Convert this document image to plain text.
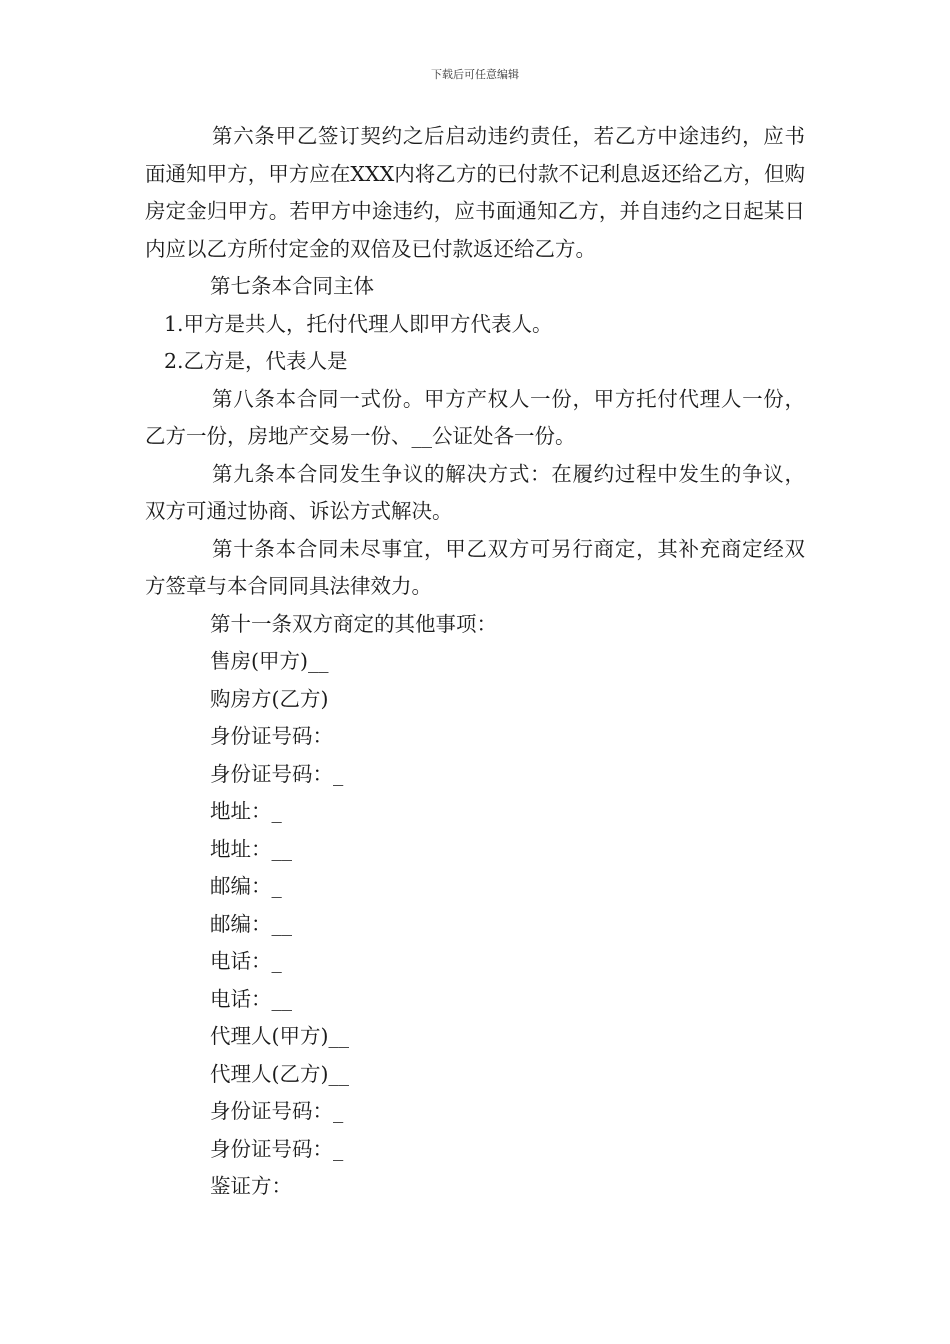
下载后可任意编辑

第六条甲乙签订契约之后启动违约责任，若乙方中途违约，应书面通知甲方，甲方应在XXX内将乙方的已付款不记利息返还给乙方，但购房定金归甲方。若甲方中途违约，应书面通知乙方，并自违约之日起某日内应以乙方所付定金的双倍及已付款返还给乙方。

第七条本合同主体

1.甲方是共人，托付代理人即甲方代表人。

2.乙方是，代表人是

第八条本合同一式份。甲方产权人一份，甲方托付代理人一份，乙方一份，房地产交易一份、__公证处各一份。

第九条本合同发生争议的解决方式：在履约过程中发生的争议，双方可通过协商、诉讼方式解决。

第十条本合同未尽事宜，甲乙双方可另行商定，其补充商定经双方签章与本合同同具法律效力。

第十一条双方商定的其他事项：

售房(甲方)__

购房方(乙方)

身份证号码：

身份证号码：_

地址：_

地址：__

邮编：_

邮编：__

电话：_

电话：__

代理人(甲方)__

代理人(乙方)__

身份证号码：_

身份证号码：_

鉴证方：
